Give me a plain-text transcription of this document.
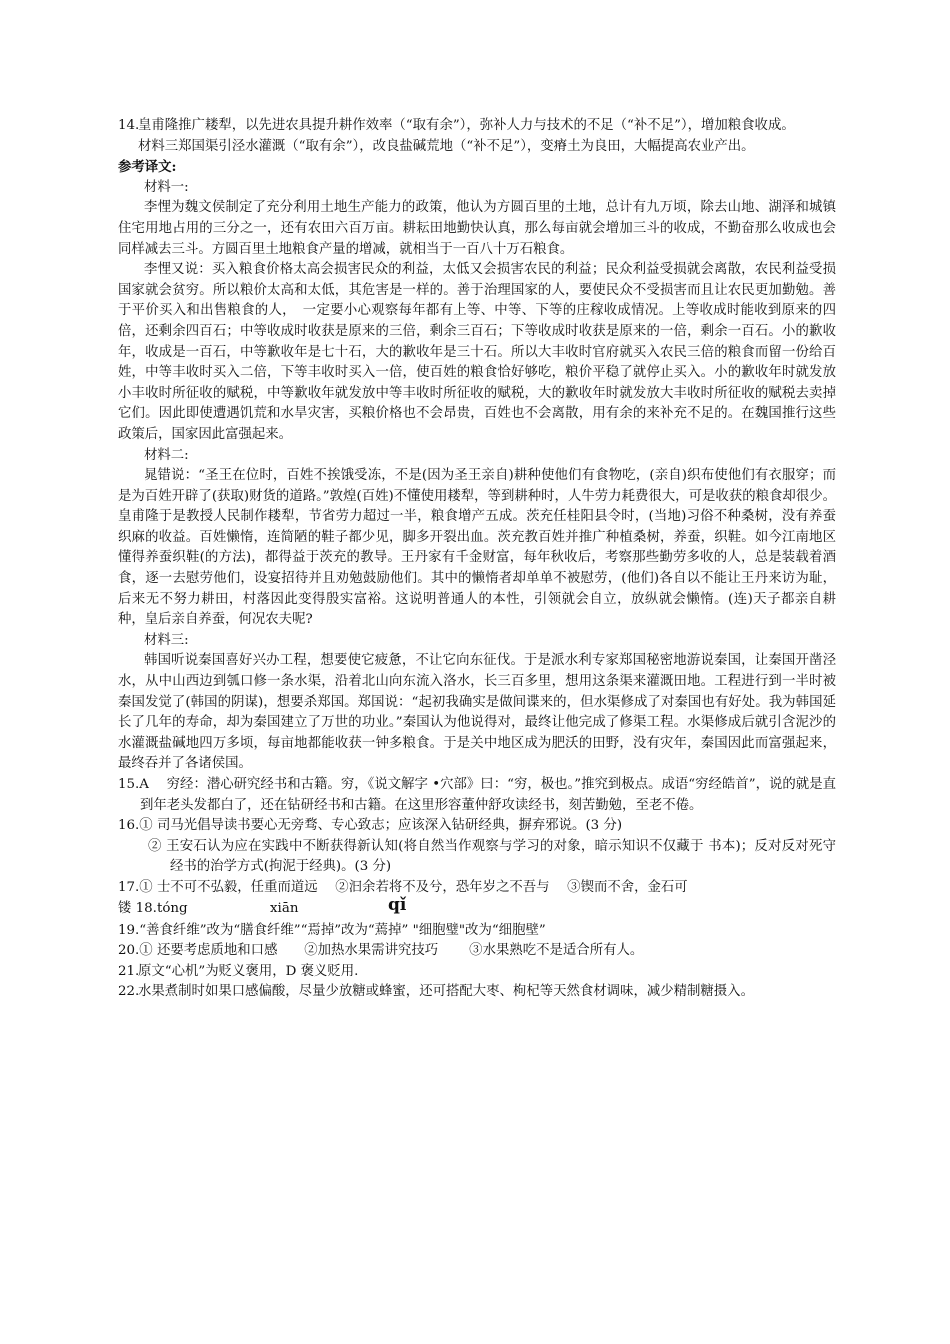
14.皇甫隆推广耧犁，以先进农具提升耕作效率（“取有余”），弥补人力与技术的不足（“补不足”），增加粮食收成。

材料三郑国渠引泾水灌溉（“取有余”），改良盐碱荒地（“补不足”），变瘠土为良田，大幅提高农业产出。

参考译文:

材料一:

李悝为魏文侯制定了充分利用土地生产能力的政策，他认为方圆百里的土地，总计有九万顷，除去山地、湖泽和城镇住宅用地占用的三分之一，还有农田六百万亩。耕耘田地勤快认真，那么每亩就会增加三斗的收成，不勤奋那么收成也会同样减去三斗。方圆百里土地粮食产量的增减，就相当于一百八十万石粮食。

李悝又说：买入粮食价格太高会损害民众的利益，太低又会损害农民的利益；民众利益受损就会离散，农民利益受损国家就会贫穷。所以粮价太高和太低，其危害是一样的。善于治理国家的人，要使民众不受损害而且让农民更加勤勉。善于平价买入和出售粮食的人，　一定要小心观察每年都有上等、中等、下等的庄稼收成情况。上等收成时能收到原来的四倍，还剩余四百石；中等收成时收获是原来的三倍，剩余三百石；下等收成时收获是原来的一倍，剩余一百石。小的歉收年，收成是一百石，中等歉收年是七十石，大的歉收年是三十石。所以大丰收时官府就买入农民三倍的粮食而留一份给百姓，中等丰收时买入二倍，下等丰收时买入一倍，使百姓的粮食恰好够吃，粮价平稳了就停止买入。小的歉收年时就发放小丰收时所征收的赋税，中等歉收年就发放中等丰收时所征收的赋税，大的歉收年时就发放大丰收时所征收的赋税去卖掉它们。因此即使遭遇饥荒和水旱灾害，买粮价格也不会昂贵，百姓也不会离散，用有余的来补充不足的。在魏国推行这些政策后，国家因此富强起来。

材料二:

晁错说：“圣王在位时，百姓不挨饿受冻，不是(因为圣王亲自)耕种使他们有食物吃，(亲自)织布使他们有衣服穿；而是为百姓开辟了(获取)财货的道路。”敦煌(百姓)不懂使用耧犁，等到耕种时，人牛劳力耗费很大，可是收获的粮食却很少。皇甫隆于是教授人民制作耧犁，节省劳力超过一半，粮食增产五成。茨充任桂阳县令时，(当地)习俗不种桑树，没有养蚕织麻的收益。百姓懒惰，连简陋的鞋子都少见，脚多开裂出血。茨充教百姓并推广种植桑树，养蚕，织鞋。如今江南地区懂得养蚕织鞋(的方法)，都得益于茨充的教导。王丹家有千金财富，每年秋收后，考察那些勤劳多收的人，总是装载着酒食，逐一去慰劳他们，设宴招待并且劝勉鼓励他们。其中的懒惰者却单单不被慰劳，(他们)各自以不能让王丹来访为耻，后来无不努力耕田，村落因此变得殷实富裕。这说明普通人的本性，引领就会自立，放纵就会懒惰。(连)天子都亲自耕种，皇后亲自养蚕，何况农夫呢?

材料三:

韩国听说秦国喜好兴办工程，想要使它疲惫，不让它向东征伐。于是派水利专家郑国秘密地游说秦国，让秦国开凿泾水，从中山西边到瓠口修一条水渠，沿着北山向东流入洛水，长三百多里，想用这条渠来灌溉田地。工程进行到一半时被秦国发觉了(韩国的阴谋)，想要杀郑国。郑国说：“起初我确实是做间谍来的，但水渠修成了对秦国也有好处。我为韩国延长了几年的寿命，却为秦国建立了万世的功业。”秦国认为他说得对，最终让他完成了修渠工程。水渠修成后就引含泥沙的水灌溉盐碱地四万多顷，每亩地都能收获一钟多粮食。于是关中地区成为肥沃的田野，没有灾年，秦国因此而富强起来，最终吞并了各诸侯国。

15.A　 穷经：潜心研究经书和古籍。穷，《说文解字 •穴部》曰：“穷，极也。”推究到极点。成语“穷经皓首”，说的就是直到年老头发都白了，还在钻研经书和古籍。在这里形容董仲舒攻读经书，刻苦勤勉，至老不倦。

16.① 司马光倡导读书要心无旁骛、专心致志；应该深入钻研经典，摒弃邪说。(3 分)

② 王安石认为应在实践中不断获得新认知(将自然当作观察与学习的对象，暗示知识不仅藏于 书本)；反对反对死守经书的治学方式(拘泥于经典)。(3 分)

17.① 士不可不弘毅，任重而道远　 ②汩余若将不及兮，恐年岁之不吾与　 ③锲而不舍，金石可

镂 18.tóng	xiān	qǐ

19.“善食纤维”改为“膳食纤维”“焉掉”改为“蔫掉” "细胞璧"改为“细胞壁”

20.① 还要考虑质地和口感　　②加热水果需讲究技巧　　 ③水果熟吃不是适合所有人。

21.原文“心机”为贬义褒用，D 褒义贬用.

22.水果煮制时如果口感偏酸，尽量少放糖或蜂蜜，还可搭配大枣、枸杞等天然食材调味，减少精制糖摄入。
